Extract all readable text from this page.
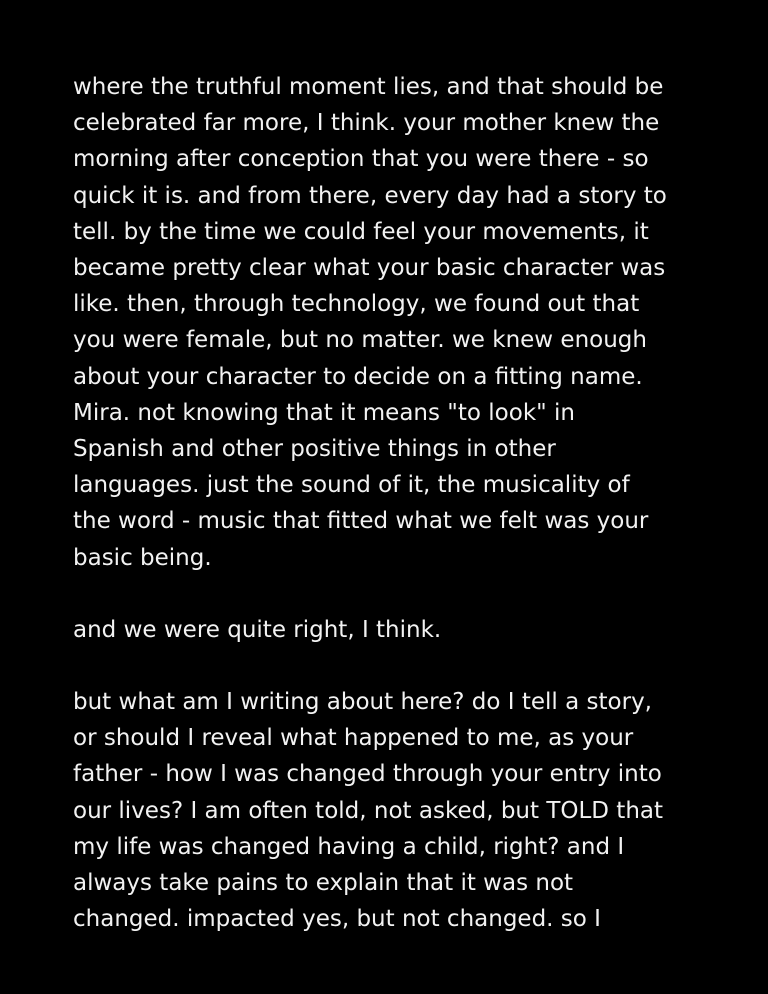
where the truthful moment lies, and that should be
celebrated far more, I think. your mother knew the
morning after conception that you were there - so
quick it is. and from there, every day had a story to
tell. by the time we could feel your movements, it
became pretty clear what your basic character was
like. then, through technology, we found out that
you were female, but no matter. we knew enough
about your character to decide on a fitting name.
Mira. not knowing that it means "to look" in
Spanish and other positive things in other
languages. just the sound of it, the musicality of
the word - music that fitted what we felt was your
basic being.

and we were quite right, I think.

but what am I writing about here? do I tell a story,
or should I reveal what happened to me, as your
father - how I was changed through your entry into
our lives? I am often told, not asked, but TOLD that
my life was changed having a child, right? and I
always take pains to explain that it was not
changed. impacted yes, but not changed. so I
